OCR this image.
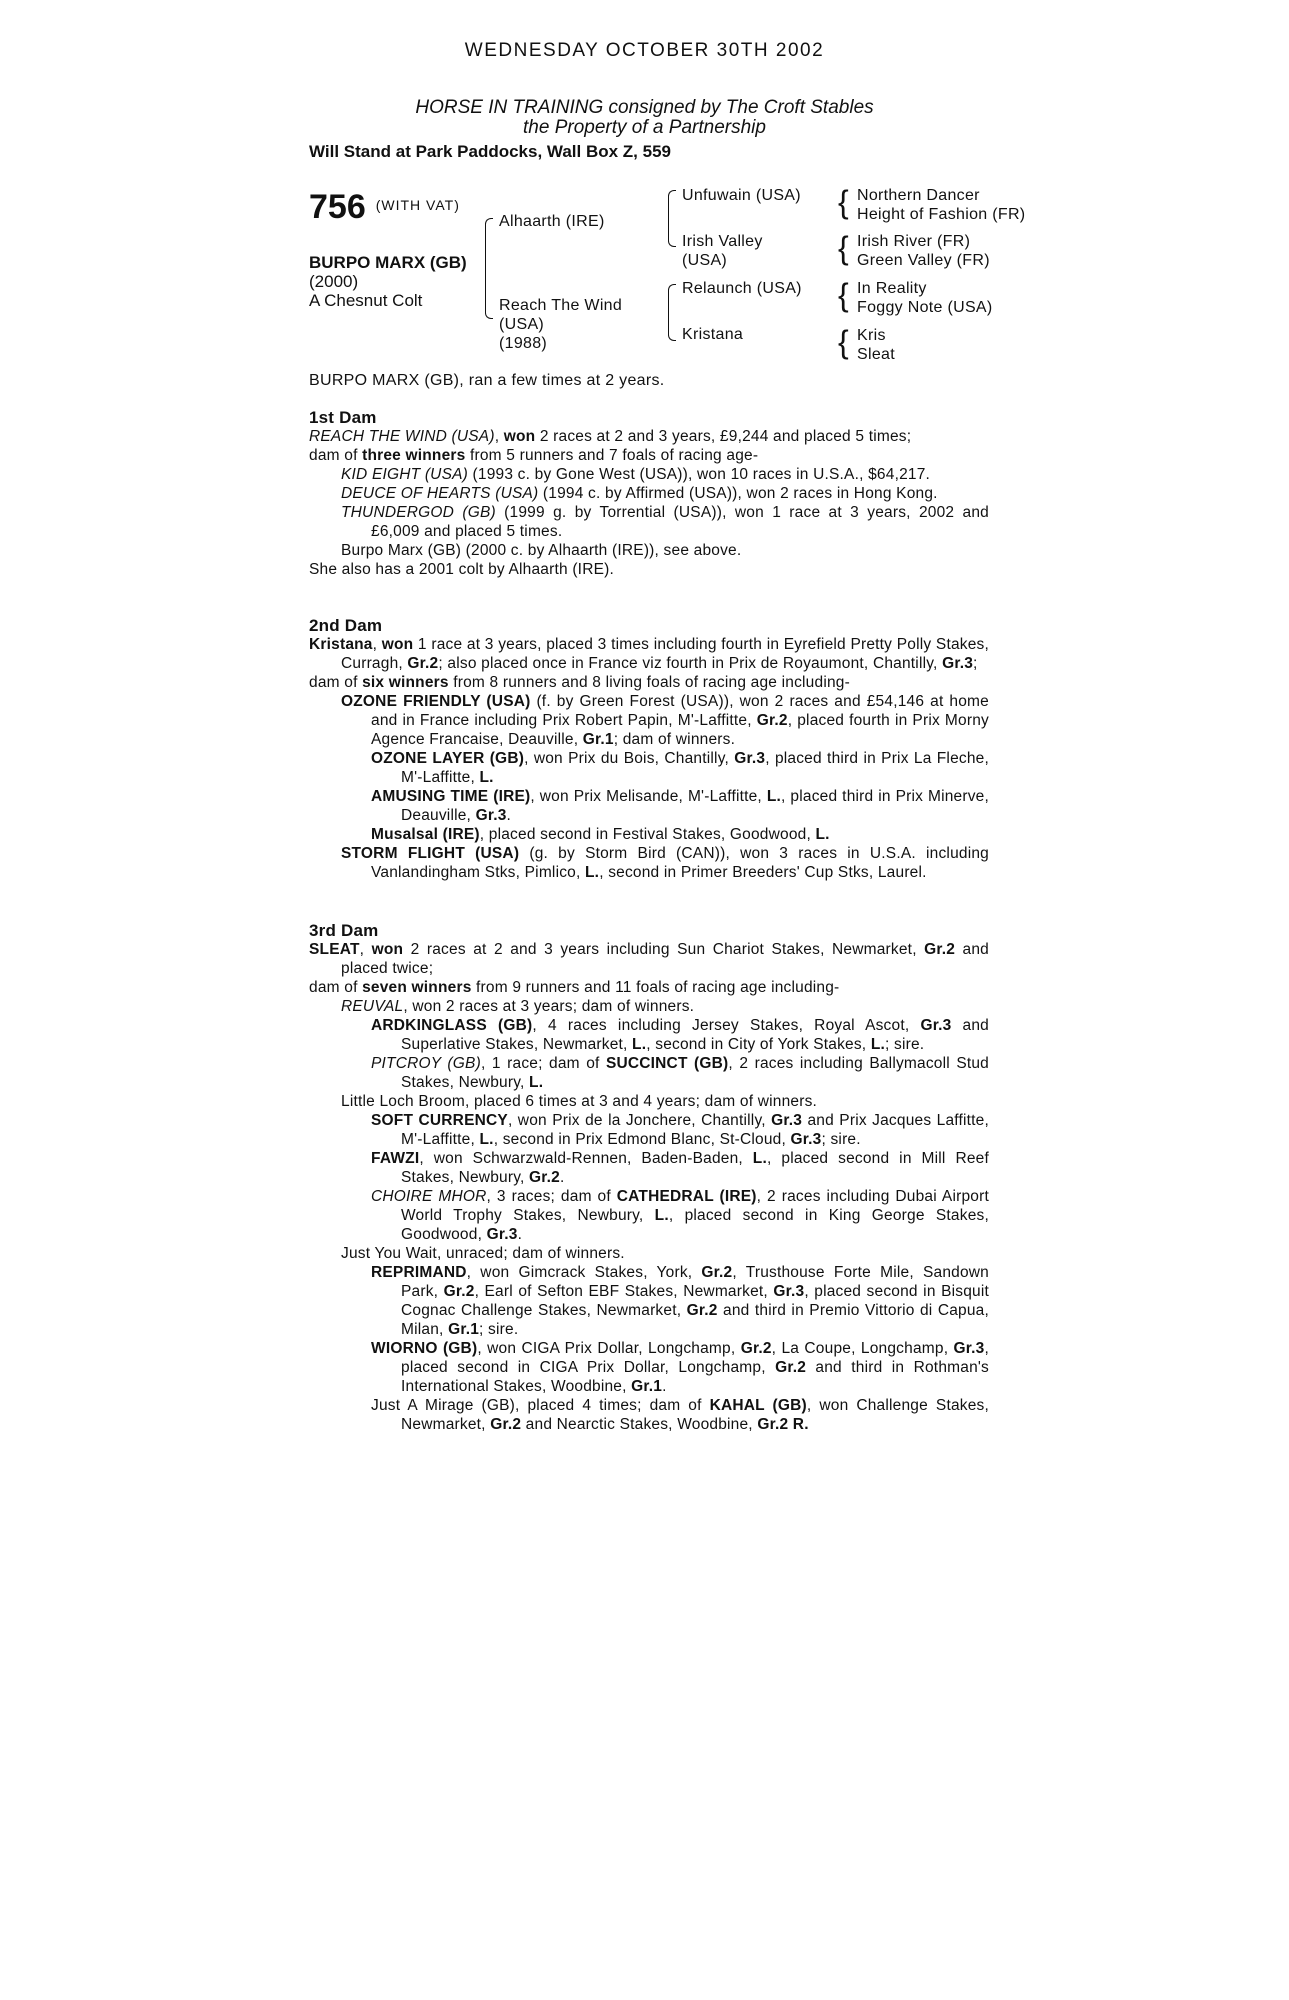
WEDNESDAY OCTOBER 30TH 2002
HORSE IN TRAINING consigned by The Croft Stables
the Property of a Partnership
Will Stand at Park Paddocks, Wall Box Z, 559
756 (WITH VAT)
BURPO MARX (GB)
(2000)
A Chesnut Colt
Alhaarth (IRE)
Reach The Wind
(USA)
(1988)
Unfuwain (USA)
Irish Valley
(USA)
Relaunch (USA)
Kristana
{
{
{
{
Northern Dancer
Height of Fashion (FR)
Irish River (FR)
Green Valley (FR)
In Reality
Foggy Note (USA)
Kris
Sleat
BURPO MARX (GB), ran a few times at 2 years.
1st Dam

REACH THE WIND (USA), won 2 races at 2 and 3 years, £9,244 and placed 5 times;

dam of three winners from 5 runners and 7 foals of racing age-

KID EIGHT (USA) (1993 c. by Gone West (USA)), won 10 races in U.S.A., $64,217.

DEUCE OF HEARTS (USA) (1994 c. by Affirmed (USA)), won 2 races in Hong Kong.

THUNDERGOD (GB) (1999 g. by Torrential (USA)), won 1 race at 3 years, 2002 and £6,009 and placed 5 times.

Burpo Marx (GB) (2000 c. by Alhaarth (IRE)), see above.

She also has a 2001 colt by Alhaarth (IRE).

2nd Dam

Kristana, won 1 race at 3 years, placed 3 times including fourth in Eyrefield Pretty Polly Stakes, Curragh, Gr.2; also placed once in France viz fourth in Prix de Royaumont, Chantilly, Gr.3;

dam of six winners from 8 runners and 8 living foals of racing age including-

OZONE FRIENDLY (USA) (f. by Green Forest (USA)), won 2 races and £54,146 at home and in France including Prix Robert Papin, M'-Laffitte, Gr.2, placed fourth in Prix Morny Agence Francaise, Deauville, Gr.1; dam of winners.

OZONE LAYER (GB), won Prix du Bois, Chantilly, Gr.3, placed third in Prix La Fleche, M'-Laffitte, L.

AMUSING TIME (IRE), won Prix Melisande, M'-Laffitte, L., placed third in Prix Minerve, Deauville, Gr.3.

Musalsal (IRE), placed second in Festival Stakes, Goodwood, L.

STORM FLIGHT (USA) (g. by Storm Bird (CAN)), won 3 races in U.S.A. including Vanlandingham Stks, Pimlico, L., second in Primer Breeders' Cup Stks, Laurel.

3rd Dam

SLEAT, won 2 races at 2 and 3 years including Sun Chariot Stakes, Newmarket, Gr.2 and placed twice;

dam of seven winners from 9 runners and 11 foals of racing age including-

REUVAL, won 2 races at 3 years; dam of winners.

ARDKINGLASS (GB), 4 races including Jersey Stakes, Royal Ascot, Gr.3 and Superlative Stakes, Newmarket, L., second in City of York Stakes, L.; sire.

PITCROY (GB), 1 race; dam of SUCCINCT (GB), 2 races including Ballymacoll Stud Stakes, Newbury, L.

Little Loch Broom, placed 6 times at 3 and 4 years; dam of winners.

SOFT CURRENCY, won Prix de la Jonchere, Chantilly, Gr.3 and Prix Jacques Laffitte, M'-Laffitte, L., second in Prix Edmond Blanc, St-Cloud, Gr.3; sire.

FAWZI, won Schwarzwald-Rennen, Baden-Baden, L., placed second in Mill Reef Stakes, Newbury, Gr.2.

CHOIRE MHOR, 3 races; dam of CATHEDRAL (IRE), 2 races including Dubai Airport World Trophy Stakes, Newbury, L., placed second in King George Stakes, Goodwood, Gr.3.

Just You Wait, unraced; dam of winners.

REPRIMAND, won Gimcrack Stakes, York, Gr.2, Trusthouse Forte Mile, Sandown Park, Gr.2, Earl of Sefton EBF Stakes, Newmarket, Gr.3, placed second in Bisquit Cognac Challenge Stakes, Newmarket, Gr.2 and third in Premio Vittorio di Capua, Milan, Gr.1; sire.

WIORNO (GB), won CIGA Prix Dollar, Longchamp, Gr.2, La Coupe, Longchamp, Gr.3, placed second in CIGA Prix Dollar, Longchamp, Gr.2 and third in Rothman's International Stakes, Woodbine, Gr.1.

Just A Mirage (GB), placed 4 times; dam of KAHAL (GB), won Challenge Stakes, Newmarket, Gr.2 and Nearctic Stakes, Woodbine, Gr.2 R.
